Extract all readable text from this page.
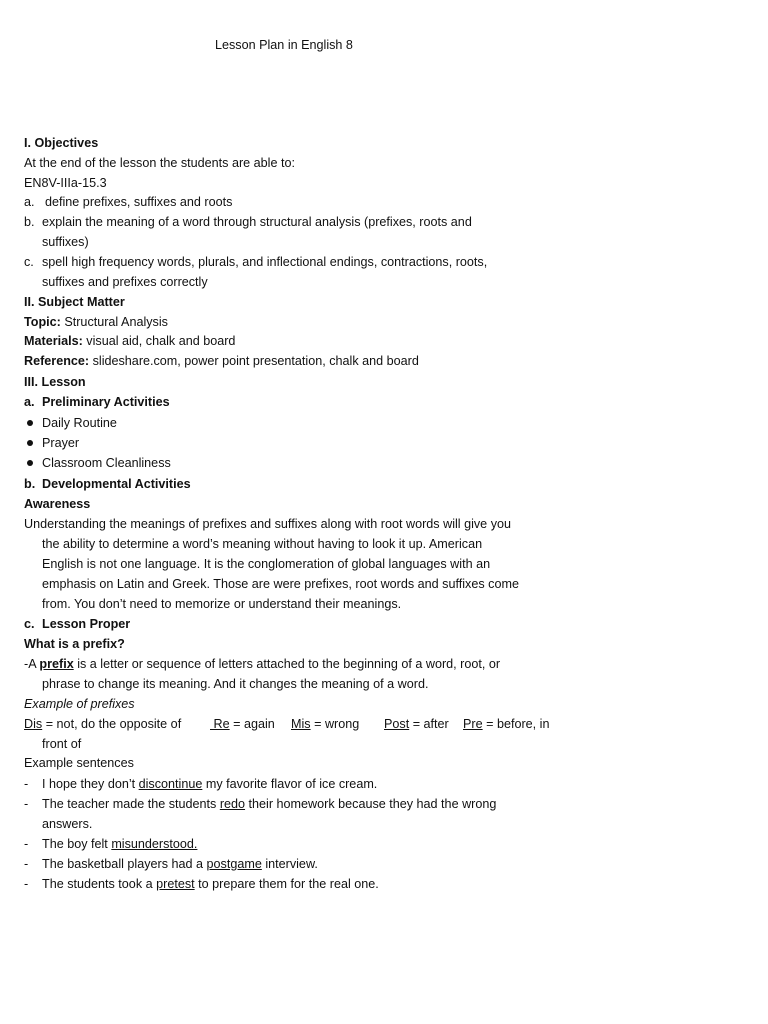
Lesson Plan in English 8
I. Objectives
At the end of the lesson the students are able to:
EN8V-IIIa-15.3
a. define prefixes, suffixes and roots
b. explain the meaning of a word through structural analysis (prefixes, roots and
suffixes)
c. spell high frequency words, plurals, and inflectional endings, contractions, roots,
suffixes and prefixes correctly
II. Subject Matter
Topic: Structural Analysis
Materials: visual aid, chalk and board
Reference: slideshare.com, power point presentation, chalk and board
III. Lesson
a. Preliminary Activities
Daily Routine
Prayer
Classroom Cleanliness
b. Developmental Activities
Awareness
Understanding the meanings of prefixes and suffixes along with root words will give you
the ability to determine a word’s meaning without having to look it up. American
English is not one language. It is the conglomeration of global languages with an
emphasis on Latin and Greek. Those are were prefixes, root words and suffixes come
from. You don’t need to memorize or understand their meanings.
c. Lesson Proper
What is a prefix?
-A prefix is a letter or sequence of letters attached to the beginning of a word, root, or
phrase to change its meaning. And it changes the meaning of a word.
Example of prefixes
Dis = not, do the opposite of	Re = again Mis = wrong Post = after Pre = before, in
front of
Example sentences
-	I hope they don’t discontinue my favorite flavor of ice cream.
-	The teacher made the students redo their homework because they had the wrong
answers.
-	The boy felt misunderstood.
-	The basketball players had a postgame interview.
-	The students took a pretest to prepare them for the real one.
